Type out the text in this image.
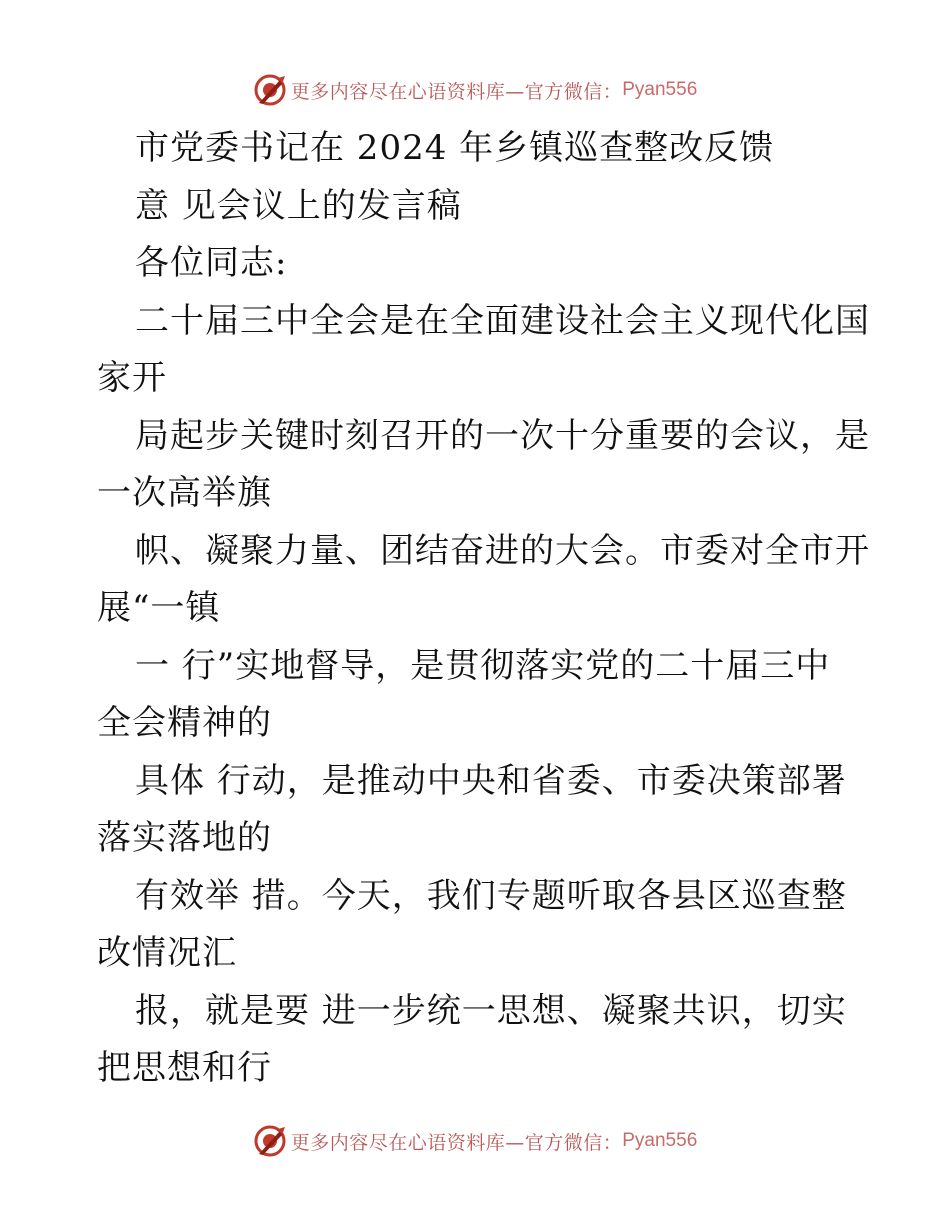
更多内容尽在心语资料库—官方微信： Pyan556
市党委书记在 2024 年乡镇巡查整改反馈
意 见会议上的发言稿
各位同志:
二十届三中全会是在全面建设社会主义现代化国
家开
局起步关键时刻召开的一次十分重要的会议，是
一次高举旗
帜、凝聚力量、团结奋进的大会。市委对全市开
展“一镇
一 行”实地督导，是贯彻落实党的二十届三中
全会精神的
具体 行动，是推动中央和省委、市委决策部署
落实落地的
有效举 措。今天，我们专题听取各县区巡查整
改情况汇
报，就是要 进一步统一思想、凝聚共识，切实
把思想和行
更多内容尽在心语资料库—官方微信： Pyan556
